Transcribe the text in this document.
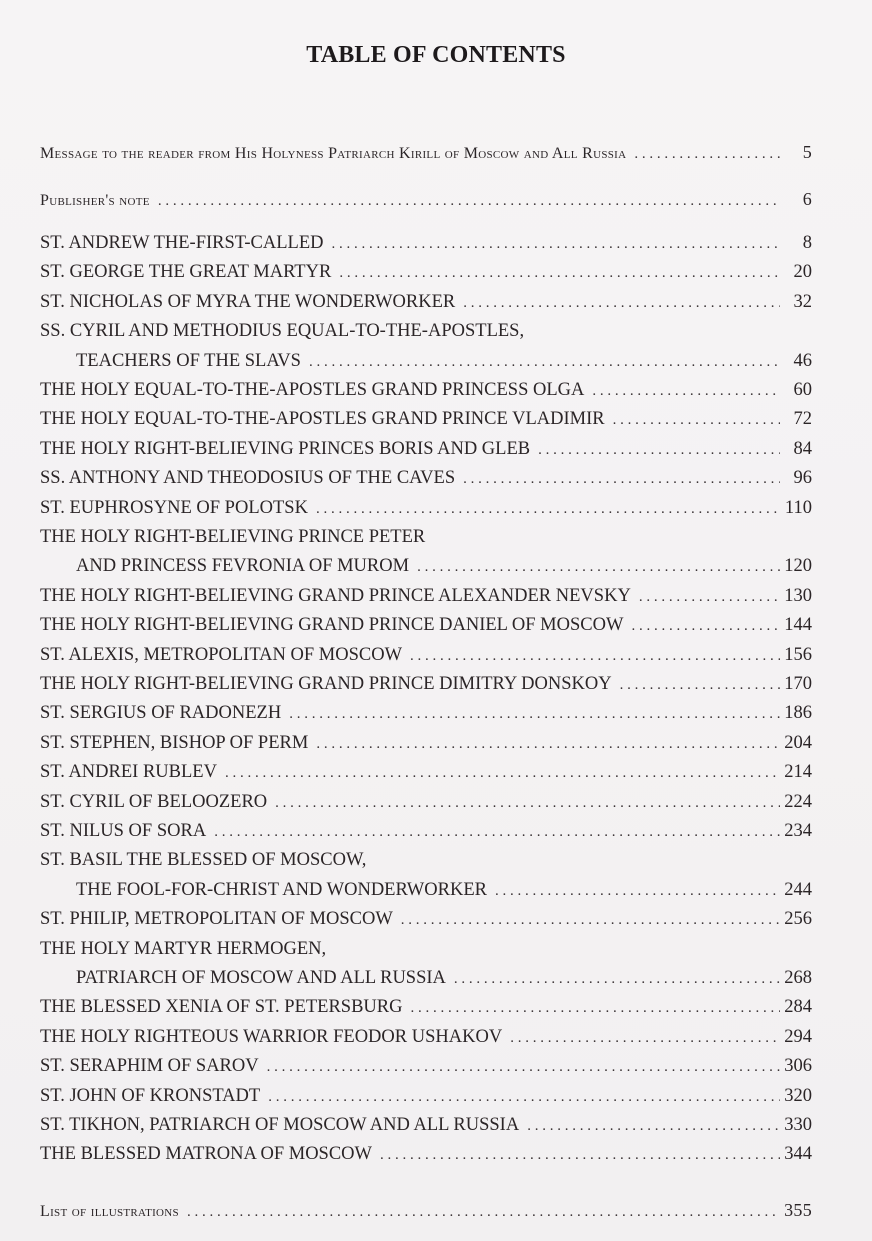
TABLE OF CONTENTS
Message to the reader from His Holyness Patriarch Kirill of Moscow and All Russia . . .	5
Publisher's note . . .	6
ST. ANDREW THE-FIRST-CALLED . . .	8
ST. GEORGE THE GREAT MARTYR . . .	20
ST. NICHOLAS OF MYRA THE WONDERWORKER . . .	32
SS. CYRIL AND METHODIUS EQUAL-TO-THE-APOSTLES,
TEACHERS OF THE SLAVS . . .	46
THE HOLY EQUAL-TO-THE-APOSTLES GRAND PRINCESS OLGA . . .	60
THE HOLY EQUAL-TO-THE-APOSTLES GRAND PRINCE VLADIMIR . . .	72
THE HOLY RIGHT-BELIEVING PRINCES BORIS AND GLEB . . .	84
SS. ANTHONY AND THEODOSIUS OF THE CAVES . . .	96
ST. EUPHROSYNE OF POLOTSK . . .	110
THE HOLY RIGHT-BELIEVING PRINCE PETER
AND PRINCESS FEVRONIA OF MUROM . . .	120
THE HOLY RIGHT-BELIEVING GRAND PRINCE ALEXANDER NEVSKY . . .	130
THE HOLY RIGHT-BELIEVING GRAND PRINCE DANIEL OF MOSCOW . . .	144
ST. ALEXIS, METROPOLITAN OF MOSCOW . . .	156
THE HOLY RIGHT-BELIEVING GRAND PRINCE DIMITRY DONSKOY . . .	170
ST. SERGIUS OF RADONEZH . . .	186
ST. STEPHEN, BISHOP OF PERM . . .	204
ST. ANDREI RUBLEV . . .	214
ST. CYRIL OF BELOOZERO . . .	224
ST. NILUS OF SORA . . .	234
ST. BASIL THE BLESSED OF MOSCOW,
THE FOOL-FOR-CHRIST AND WONDERWORKER . . .	244
ST. PHILIP, METROPOLITAN OF MOSCOW . . .	256
THE HOLY MARTYR HERMOGEN,
PATRIARCH OF MOSCOW AND ALL RUSSIA . . .	268
THE BLESSED XENIA OF ST. PETERSBURG . . .	284
THE HOLY RIGHTEOUS WARRIOR FEODOR USHAKOV . . .	294
ST. SERAPHIM OF SAROV . . .	306
ST. JOHN OF KRONSTADT . . .	320
ST. TIKHON, PATRIARCH OF MOSCOW AND ALL RUSSIA . . .	330
THE BLESSED MATRONA OF MOSCOW . . .	344
List of illustrations . . .	355
